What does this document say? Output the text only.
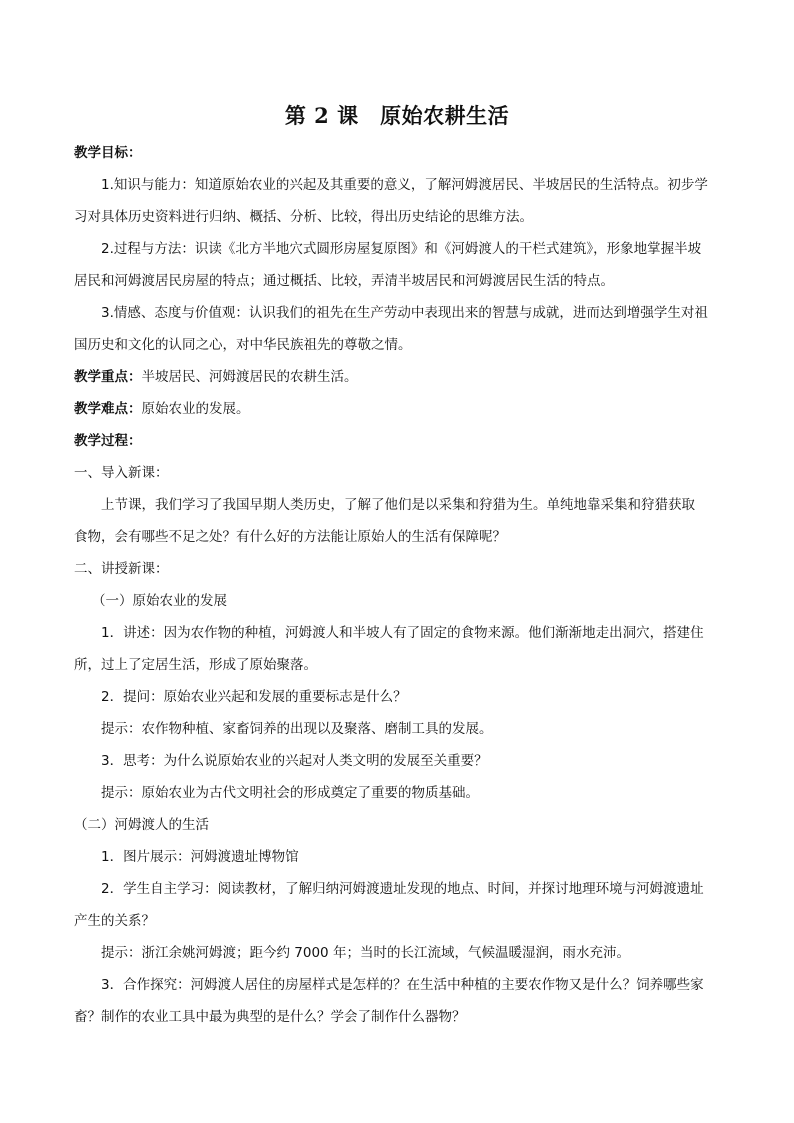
第 2 课　原始农耕生活

教学目标：

1.知识与能力：知道原始农业的兴起及其重要的意义，了解河姆渡居民、半坡居民的生活特点。初步学

习对具体历史资料进行归纳、概括、分析、比较，得出历史结论的思维方法。

2.过程与方法：识读《北方半地穴式圆形房屋复原图》和《河姆渡人的干栏式建筑》，形象地掌握半坡

居民和河姆渡居民房屋的特点；通过概括、比较，弄清半坡居民和河姆渡居民生活的特点。

3.情感、态度与价值观：认识我们的祖先在生产劳动中表现出来的智慧与成就，进而达到增强学生对祖

国历史和文化的认同之心，对中华民族祖先的尊敬之情。

教学重点：半坡居民、河姆渡居民的农耕生活。

教学难点：原始农业的发展。

教学过程：

一、导入新课：

上节课，我们学习了我国早期人类历史，了解了他们是以采集和狩猎为生。单纯地靠采集和狩猎获取

食物，会有哪些不足之处？有什么好的方法能让原始人的生活有保障呢？

二、讲授新课：

（一）原始农业的发展

1．讲述：因为农作物的种植，河姆渡人和半坡人有了固定的食物来源。他们渐渐地走出洞穴，搭建住

所，过上了定居生活，形成了原始聚落。

2．提问：原始农业兴起和发展的重要标志是什么？

提示：农作物种植、家畜饲养的出现以及聚落、磨制工具的发展。

3．思考：为什么说原始农业的兴起对人类文明的发展至关重要？

提示：原始农业为古代文明社会的形成奠定了重要的物质基础。

（二）河姆渡人的生活

1．图片展示：河姆渡遗址博物馆

2．学生自主学习：阅读教材，了解归纳河姆渡遗址发现的地点、时间，并探讨地理环境与河姆渡遗址

产生的关系？

提示：浙江余姚河姆渡；距今约 7000 年；当时的长江流域，气候温暖湿润，雨水充沛。

3．合作探究：河姆渡人居住的房屋样式是怎样的？在生活中种植的主要农作物又是什么？饲养哪些家

畜？制作的农业工具中最为典型的是什么？学会了制作什么器物？
